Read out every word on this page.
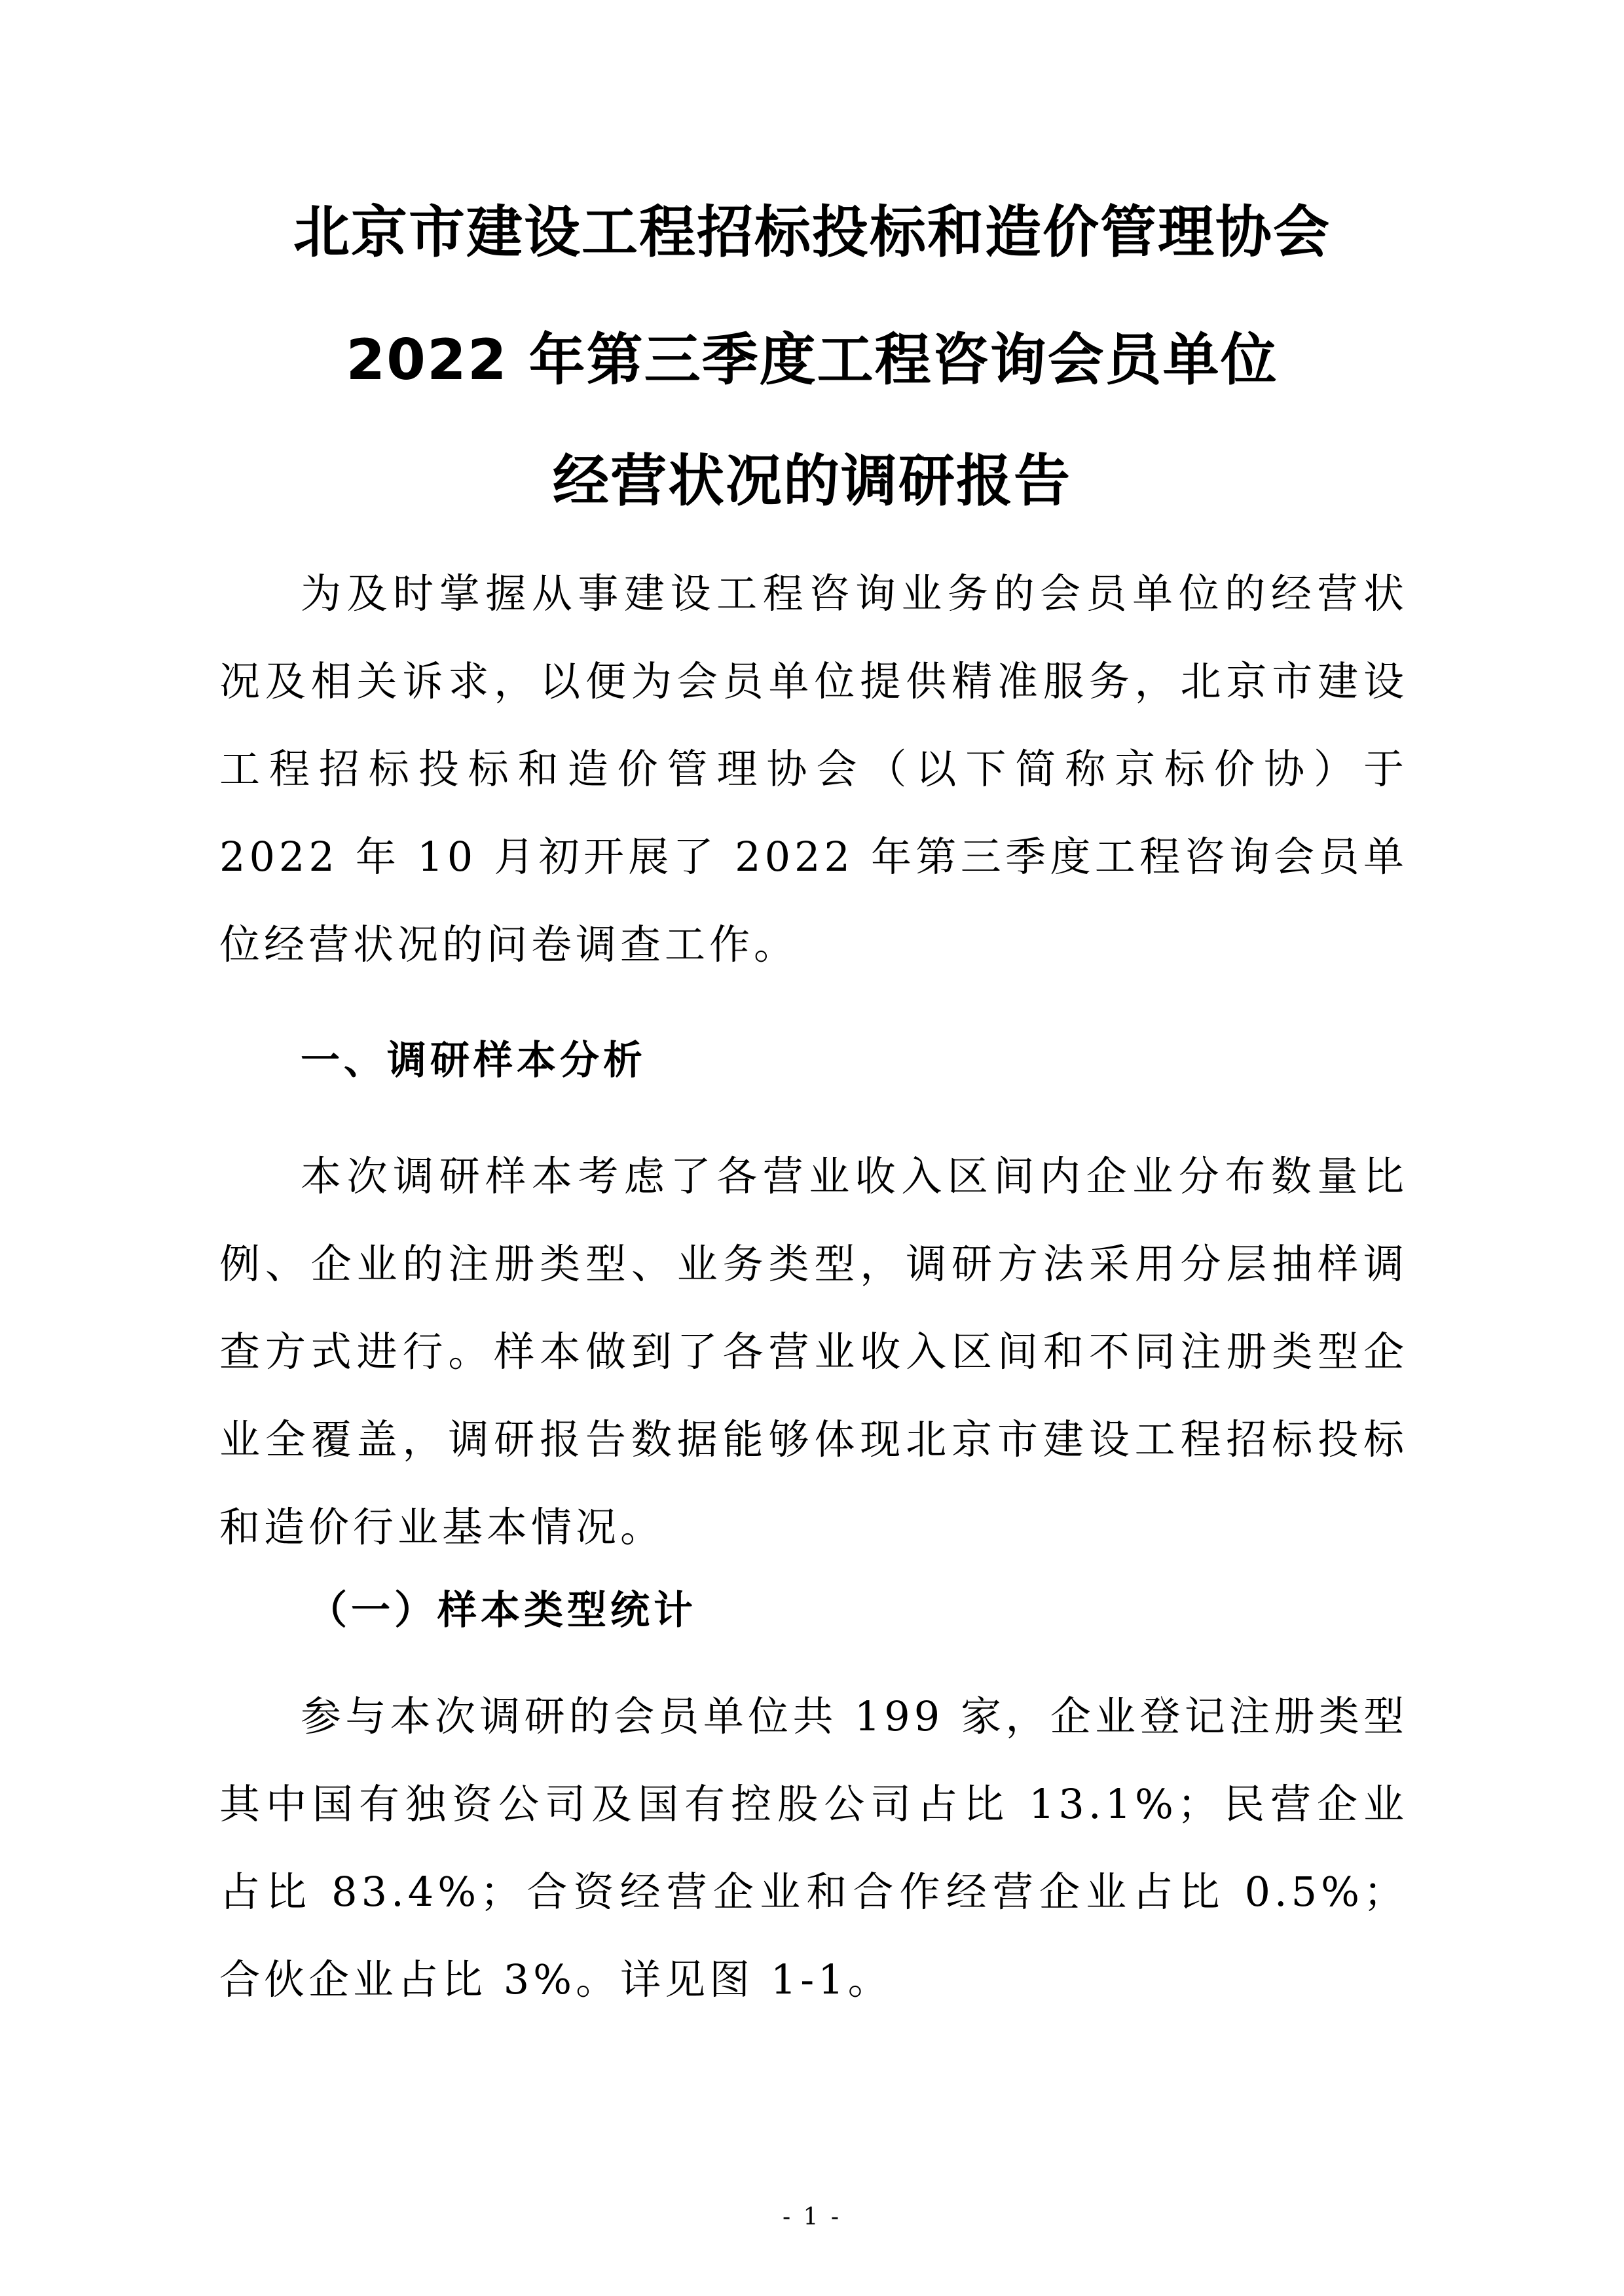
北京市建设工程招标投标和造价管理协会
2022 年第三季度工程咨询会员单位
经营状况的调研报告

为及时掌握从事建设工程咨询业务的会员单位的经营状况及相关诉求，以便为会员单位提供精准服务，北京市建设工程招标投标和造价管理协会（以下简称京标价协）于 2022 年 10 月初开展了 2022 年第三季度工程咨询会员单位经营状况的问卷调查工作。

一、调研样本分析

本次调研样本考虑了各营业收入区间内企业分布数量比例、企业的注册类型、业务类型，调研方法采用分层抽样调查方式进行。样本做到了各营业收入区间和不同注册类型企业全覆盖，调研报告数据能够体现北京市建设工程招标投标和造价行业基本情况。

（一）样本类型统计

参与本次调研的会员单位共 199 家，企业登记注册类型其中国有独资公司及国有控股公司占比 13.1%；民营企业占比 83.4%；合资经营企业和合作经营企业占比 0.5%；合伙企业占比 3%。详见图 1-1。

- 1 -
